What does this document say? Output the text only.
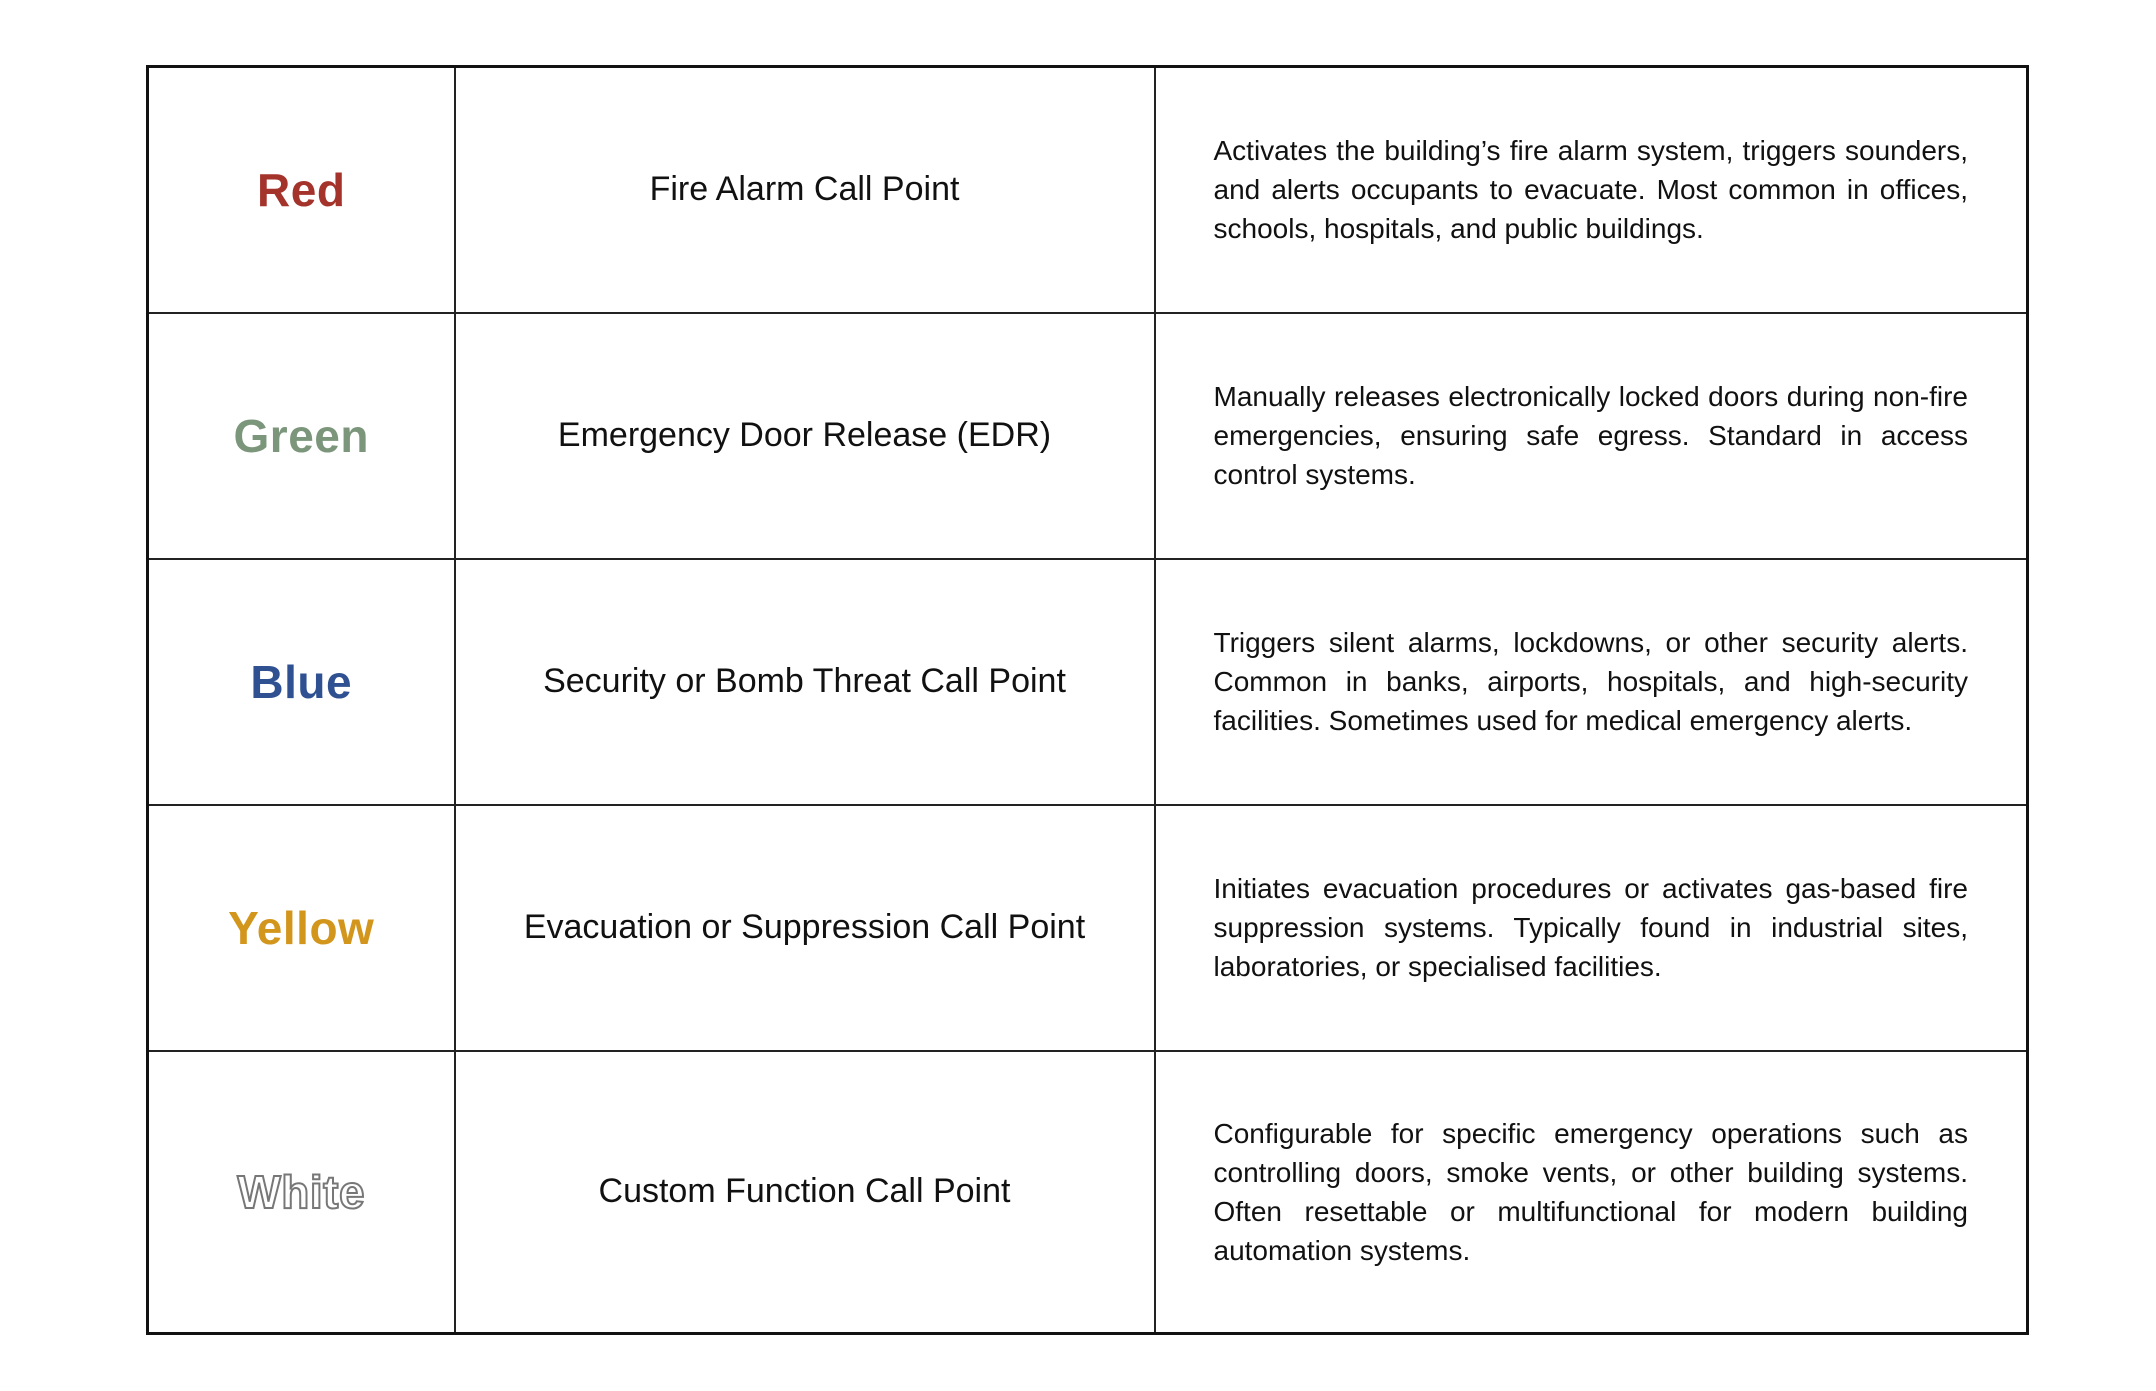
Red	Fire Alarm Call Point	Activates the building’s fire alarm system, triggers sounders, and alerts occupants to evacuate. Most common in offices, schools, hospitals, and public buildings.
Green	Emergency Door Release (EDR)	Manually releases electronically locked doors during non-fire emergencies, ensuring safe egress. Standard in access control systems.
Blue	Security or Bomb Threat Call Point	Triggers silent alarms, lockdowns, or other security alerts. Common in banks, airports, hospitals, and high-security facilities. Sometimes used for medical emergency alerts.
Yellow	Evacuation or Suppression Call Point	Initiates evacuation procedures or activates gas-based fire suppression systems. Typically found in industrial sites, laboratories, or specialised facilities.
White	Custom Function Call Point	Configurable for specific emergency operations such as controlling doors, smoke vents, or other building systems. Often resettable or multifunctional for modern building automation systems.
